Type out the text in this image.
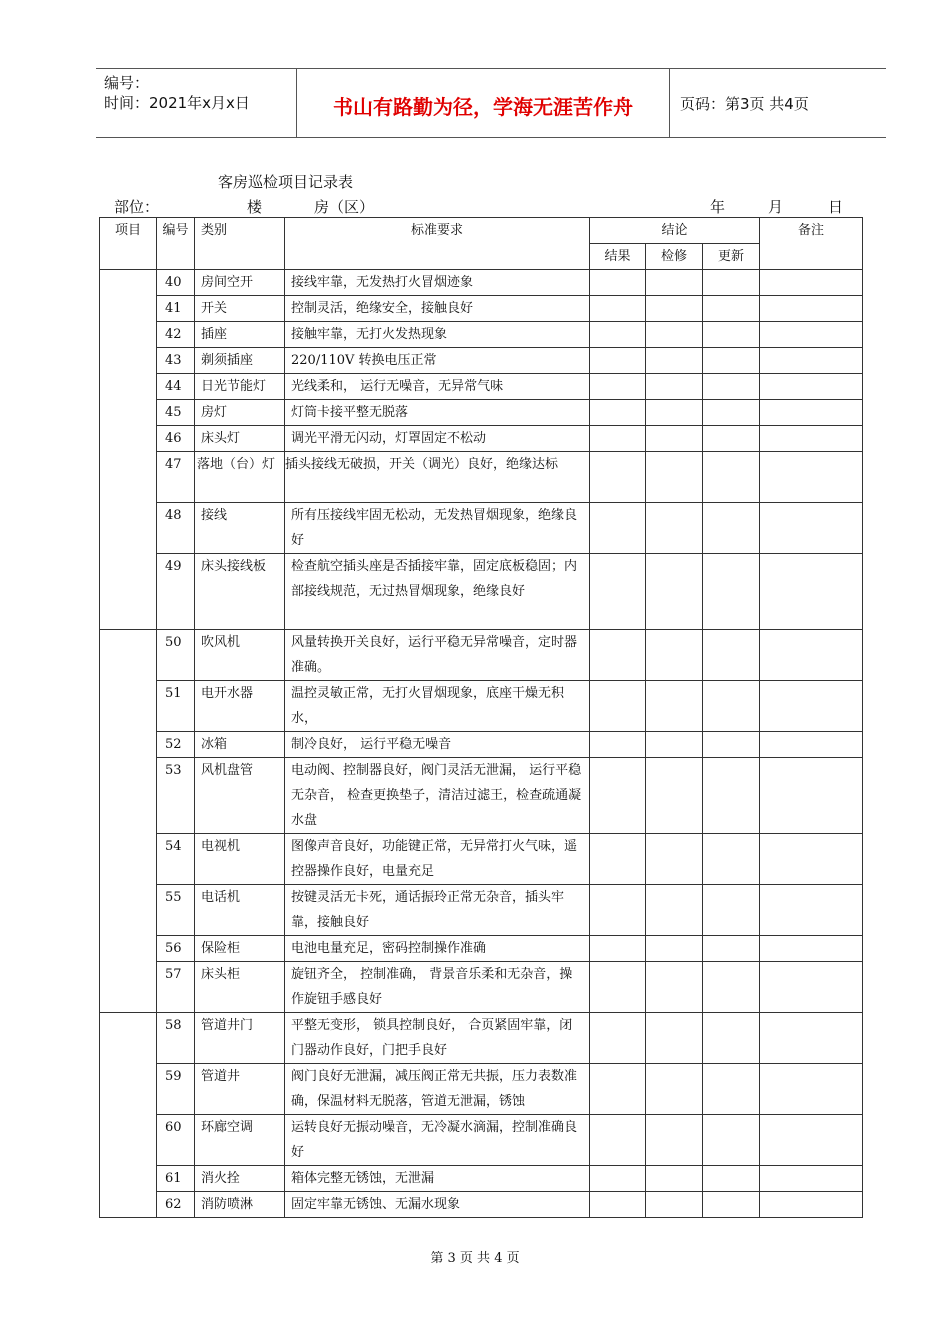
编号：
时间：2021年x月x日	书山有路勤为径，学海无涯苦作舟	页码：第3页 共4页
客房巡检项目记录表
部位：	楼	房（区）	年	月	日
项目	编号	类别	标准要求	结论			备注
				结果	检修	更新	
	40	房间空开	接线牢靠，无发热打火冒烟迹象				
	41	开关	控制灵活，绝缘安全，接触良好				
	42	插座	接触牢靠，无打火发热现象				
	43	剃须插座	220/110V 转换电压正常				
	44	日光节能灯	光线柔和， 运行无噪音，无异常气味				
	45	房灯	灯筒卡接平整无脱落				
	46	床头灯	调光平滑无闪动，灯罩固定不松动				
	47	落地（台）灯	插头接线无破损，开关（调光）良好，绝缘达标				
	48	接线	所有压接线牢固无松动，无发热冒烟现象，绝缘良好				
	49	床头接线板	检查航空插头座是否插接牢靠，固定底板稳固；内部接线规范，无过热冒烟现象，绝缘良好				
	50	吹风机	风量转换开关良好，运行平稳无异常噪音，定时器准确。				
	51	电开水器	温控灵敏正常，无打火冒烟现象，底座干燥无积水，				
	52	冰箱	制冷良好， 运行平稳无噪音				
	53	风机盘管	电动阀、控制器良好，阀门灵活无泄漏， 运行平稳无杂音， 检查更换垫子，清洁过滤王，检查疏通凝水盘				
	54	电视机	图像声音良好，功能键正常，无异常打火气味，遥控器操作良好，电量充足				
	55	电话机	按键灵活无卡死，通话振玲正常无杂音，插头牢靠，接触良好				
	56	保险柜	电池电量充足，密码控制操作准确				
	57	床头柜	旋钮齐全， 控制准确， 背景音乐柔和无杂音，操作旋钮手感良好				
	58	管道井门	平整无变形， 锁具控制良好， 合页紧固牢靠，闭门器动作良好，门把手良好				
	59	管道井	阀门良好无泄漏，减压阀正常无共振，压力表数准确，保温材料无脱落，管道无泄漏，锈蚀				
	60	环廊空调	运转良好无振动噪音，无冷凝水滴漏，控制准确良好				
	61	消火拴	箱体完整无锈蚀，无泄漏				
	62	消防喷淋	固定牢靠无锈蚀、无漏水现象				
第 3 页 共 4 页
